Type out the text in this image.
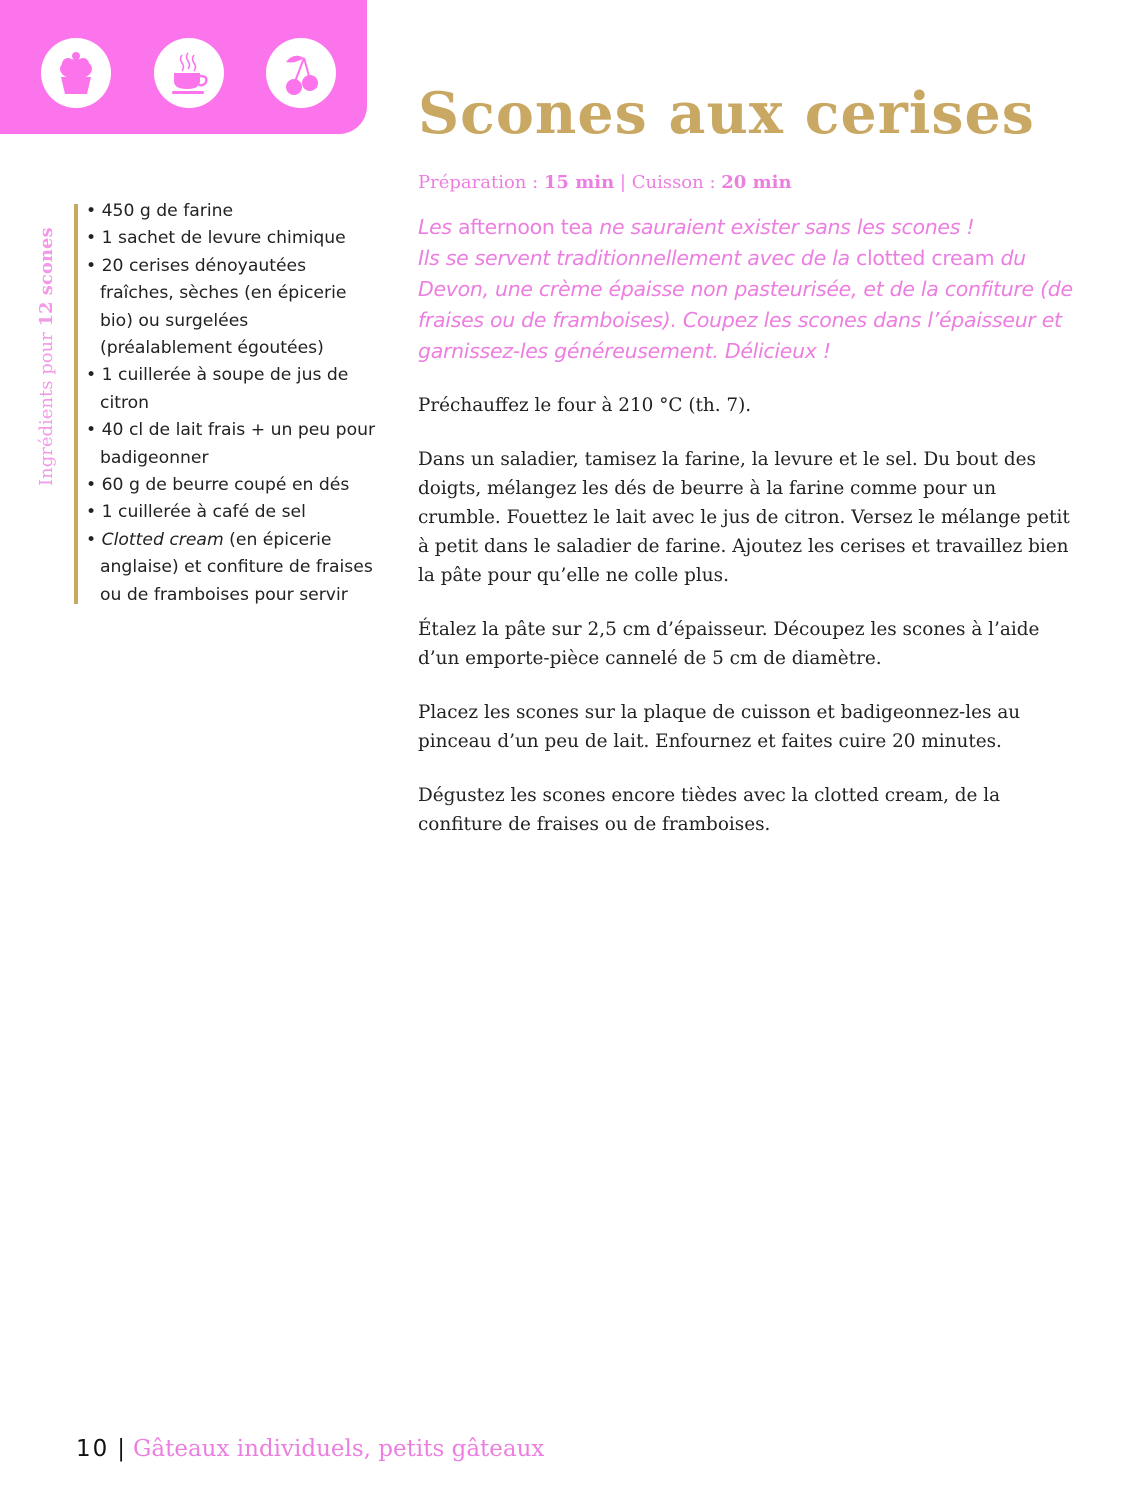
Scones aux cerises
Préparation : 15 min | Cuisson : 20 min
Les afternoon tea ne sauraient exister sans les scones !
Ils se servent traditionnellement avec de la clotted cream du Devon, une crème épaisse non pasteurisée, et de la confiture (de fraises ou de framboises). Coupez les scones dans l’épaisseur et garnissez-les généreusement. Délicieux !

Préchauffez le four à 210 °C (th. 7).

Dans un saladier, tamisez la farine, la levure et le sel. Du bout des doigts, mélangez les dés de beurre à la farine comme pour un crumble. Fouettez le lait avec le jus de citron. Versez le mélange petit à petit dans le saladier de farine. Ajoutez les cerises et travaillez bien la pâte pour qu’elle ne colle plus.

Étalez la pâte sur 2,5 cm d’épaisseur. Découpez les scones à l’aide d’un emporte-pièce cannelé de 5 cm de diamètre.

Placez les scones sur la plaque de cuisson et badigeonnez-les au pinceau d’un peu de lait. Enfournez et faites cuire 20 minutes.

Dégustez les scones encore tièdes avec la clotted cream, de la confiture de fraises ou de framboises.

Ingrédients pour 12 scones
• 450 g de farine
• 1 sachet de levure chimique
• 20 cerises dénoyautées fraîches, sèches (en épicerie bio) ou surgelées (préalablement égoutées)
• 1 cuillerée à soupe de jus de citron
• 40 cl de lait frais + un peu pour badigeonner
• 60 g de beurre coupé en dés
• 1 cuillerée à café de sel
• Clotted cream (en épicerie anglaise) et confiture de fraises ou de framboises pour servir
10 | Gâteaux individuels, petits gâteaux
